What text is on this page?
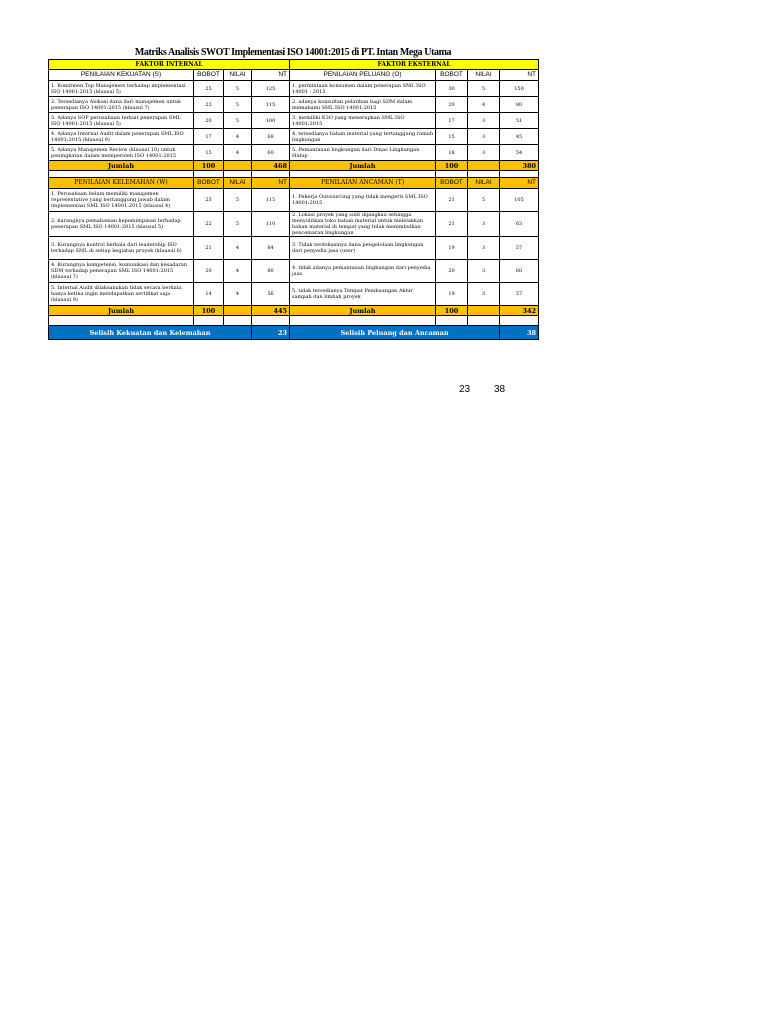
Matriks Analisis SWOT Implementasi ISO 14001:2015 di PT. Intan Mega Utama
FAKTOR INTERNAL				FAKTOR EKSTERNAL			
PENILAIAN KEKUATAN (S)	BOBOT	NILAI	NT	PENILAIAN PELUANG (O)	BOBOT	NILAI	NT
1. Komitmen Top Manajemen terhadap implementasi ISO 14001:2015 (klausul 5)	25	5	125	1. permintaan konsumen dalam penerapan SML ISO 14001 : 2015	30	5	150
2. Tersedianya Alokasi dana dari manajemen untuk penerapan ISO 14001:2015 (klausul 7)	23	5	115	2. adanya konsultan pelatihan bagi SDM dalam memahami SML ISO 14001:2015	20	4	80
3. Adanya SOP perusahaan terkait penerapan SML ISO 14001:2015 (klausul 5)	20	5	100	3. memiliki K3O yang menerapkan SML ISO 14001:2015	17	3	51
4. Adanya Internal Audit dalam penerapan SML ISO 14001:2015 (klausul 9)	17	4	68	4. tersedianya bahan material yang tertanggung ramah lingkungan	15	3	45
5. Adanya Manajemen Review (klausul 10) untuk peningkatan dalam memperoleh ISO 14001:2015	15	4	60	5. Pemantauan lingkungan dari Dinas Lingkungan Hidup	18	3	54
Jumlah	100		468	Jumlah	100		380

PENILAIAN KELEMAHAN (W)	BOBOT	NILAI	NT	PENILAIAN ANCAMAN (T)	BOBOT	NILAI	NT
1. Perusahaan belum memiliki manajemen representative yang bertanggung jawab dalam implementasi SML ISO 14001:2015 (klausul 4)	23	5	115	1. Pekerja Outsourcing yang tidak mengerti SML ISO 14001:2015	21	5	105
2. kurangnya pemahaman kepemimpinan terhadap penerapan SML ISO 14001:2015 (klausul 5)	22	5	110	2. Lokasi proyek yang sulit dijangkau sehingga menyulitkan toko bahan material untuk melelakkan bahan material di tempat yang tidak menimbulkan pencemaran lingkungan	21	3	63
3. Kurangnya kontrol berkala dari leadership ISO terhadap SML di setiap kegiatan proyek (klausul 6)	21	4	84	3. Tidak terdokasinya dana pengelolaan lingkungan dari penyedia jasa (user)	19	3	57
4. Kurangnya kompetensi, komunikasi dan kesadaran SDM terhadap penerapan SML ISO 14001:2015 (klausul 7)	20	4	80	4. tidak adanya pemantauan lingkungan dari penyedia jasa	20	3	60
5. Internal Audit dilaksanakan tidak secara berkala, hanya ketika ingin mendapatkan sertifikat saja (klausul 9)	14	4	56	5. tidak tersedianya Tempat Pembuangan Akhir sampah dan limbah proyek	19	3	57
Jumlah	100		445	Jumlah	100		342

Selisih Kekuatan dan Kelemahan			23	Selisih Peluang dan Ancaman			38
23 38
